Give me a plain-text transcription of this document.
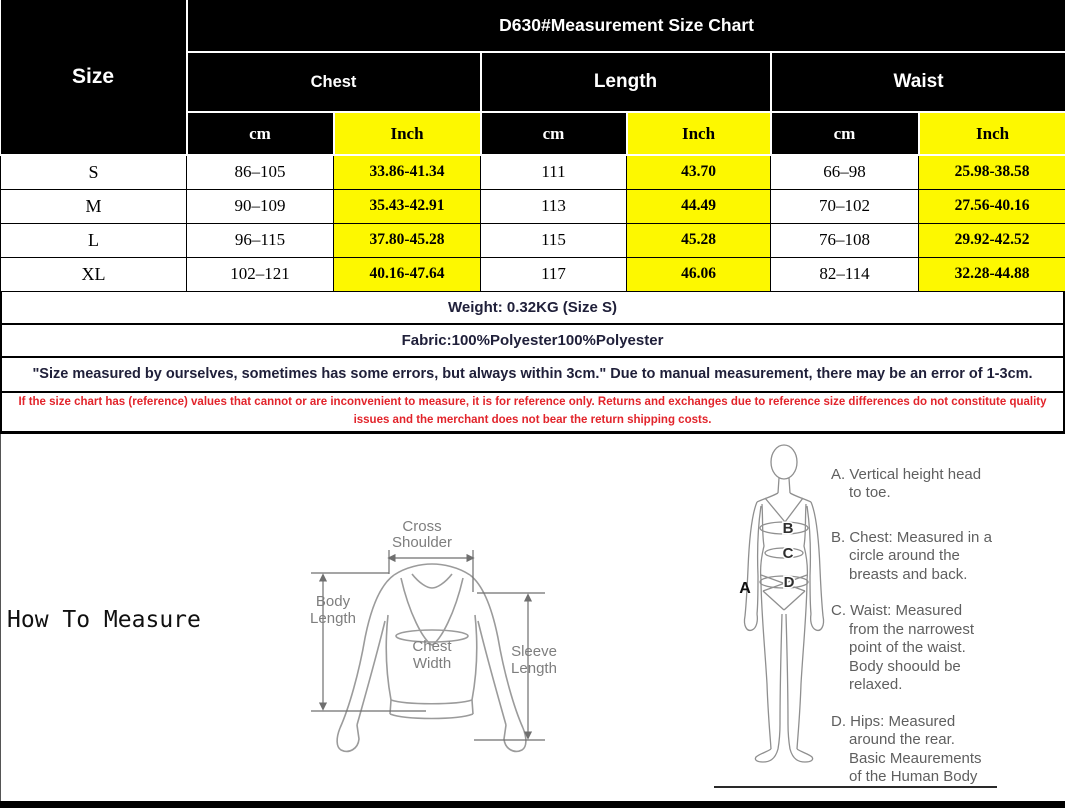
Size	D630#Measurement Size Chart					
	Chest		Length		Waist	
	cm	Inch	cm	Inch	cm	Inch
S	86–105	33.86-41.34	111	43.70	66–98	25.98-38.58
M	90–109	35.43-42.91	113	44.49	70–102	27.56-40.16
L	96–115	37.80-45.28	115	45.28	76–108	29.92-42.52
XL	102–121	40.16-47.64	117	46.06	82–114	32.28-44.88
Weight: 0.32KG (Size S)
Fabric:100%Polyester100%Polyester
"Size measured by ourselves, sometimes has some errors, but always within 3cm." Due to manual measurement, there may be an error of 1-3cm.
If the size chart has (reference) values that cannot or are inconvenient to measure, it is for reference only. Returns and exchanges due to reference size differences do not constitute quality issues and the merchant does not bear the return shipping costs.
How To Measure
Cross
Shoulder
Body
Length
Chest
Width
Sleeve
Length
A
B
C
D
A. Vertical height head
to toe.
B. Chest: Measured in a
circle around the
breasts and back.
C. Waist: Measured
from the narrowest
point of the waist.
Body shoould be
relaxed.
D. Hips: Measured
around the rear.
Basic Meaurements
of the Human Body
